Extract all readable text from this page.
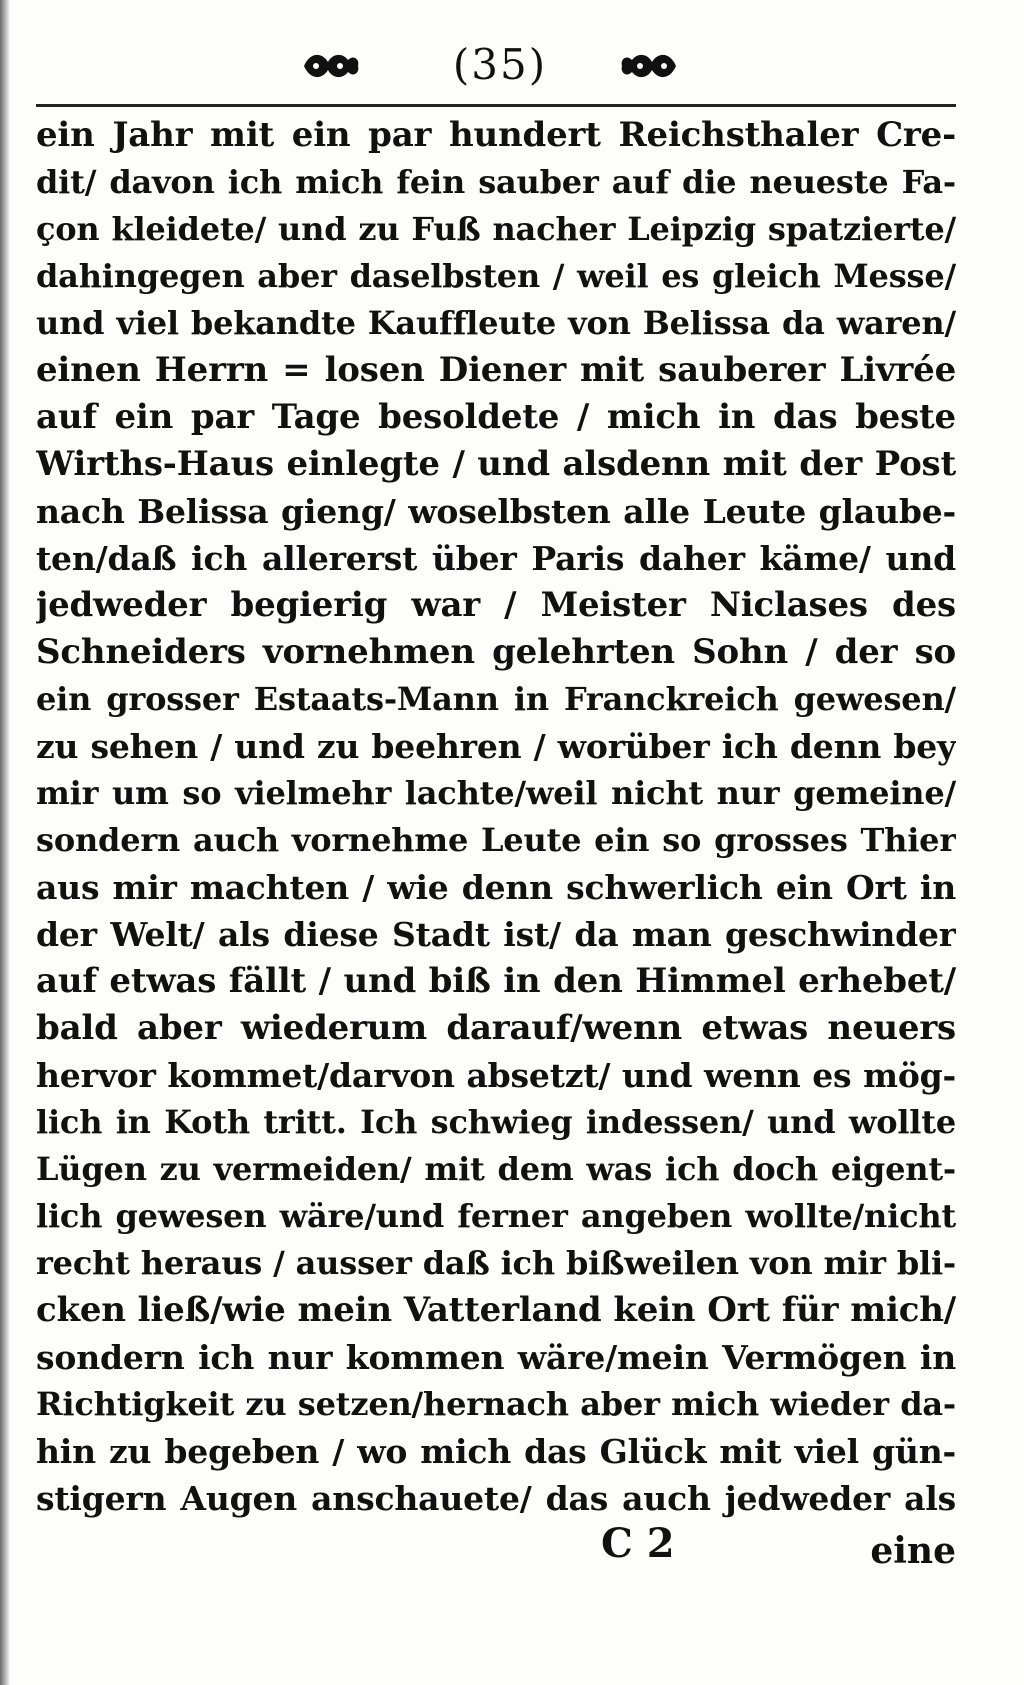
(35)
ein Jahr mit ein par hundert Reichsthaler Cre-
dit/ davon ich mich fein sauber auf die neueste Fa-
çon kleidete/ und zu Fuß nacher Leipzig spatzierte/
dahingegen aber daselbsten / weil es gleich Messe/
und viel bekandte Kauffleute von Belissa da waren/
einen Herrn = losen Diener mit sauberer Livrée
auf ein par Tage besoldete / mich in das beste
Wirths-Haus einlegte / und alsdenn mit der Post
nach Belissa gieng/ woselbsten alle Leute glaube-
ten/daß ich allererst über Paris daher käme/ und
jedweder begierig war / Meister Niclases des
Schneiders vornehmen gelehrten Sohn / der so
ein grosser Estaats-Mann in Franckreich gewesen/
zu sehen / und zu beehren / worüber ich denn bey
mir um so vielmehr lachte/weil nicht nur gemeine/
sondern auch vornehme Leute ein so grosses Thier
aus mir machten / wie denn schwerlich ein Ort in
der Welt/ als diese Stadt ist/ da man geschwinder
auf etwas fällt / und biß in den Himmel erhebet/
bald aber wiederum darauf/wenn etwas neuers
hervor kommet/darvon absetzt/ und wenn es mög-
lich in Koth tritt. Ich schwieg indessen/ und wollte
Lügen zu vermeiden/ mit dem was ich doch eigent-
lich gewesen wäre/und ferner angeben wollte/nicht
recht heraus / ausser daß ich bißweilen von mir bli-
cken ließ/wie mein Vatterland kein Ort für mich/
sondern ich nur kommen wäre/mein Vermögen in
Richtigkeit zu setzen/hernach aber mich wieder da-
hin zu begeben / wo mich das Glück mit viel gün-
stigern Augen anschauete/ das auch jedweder als
C 2	eine
